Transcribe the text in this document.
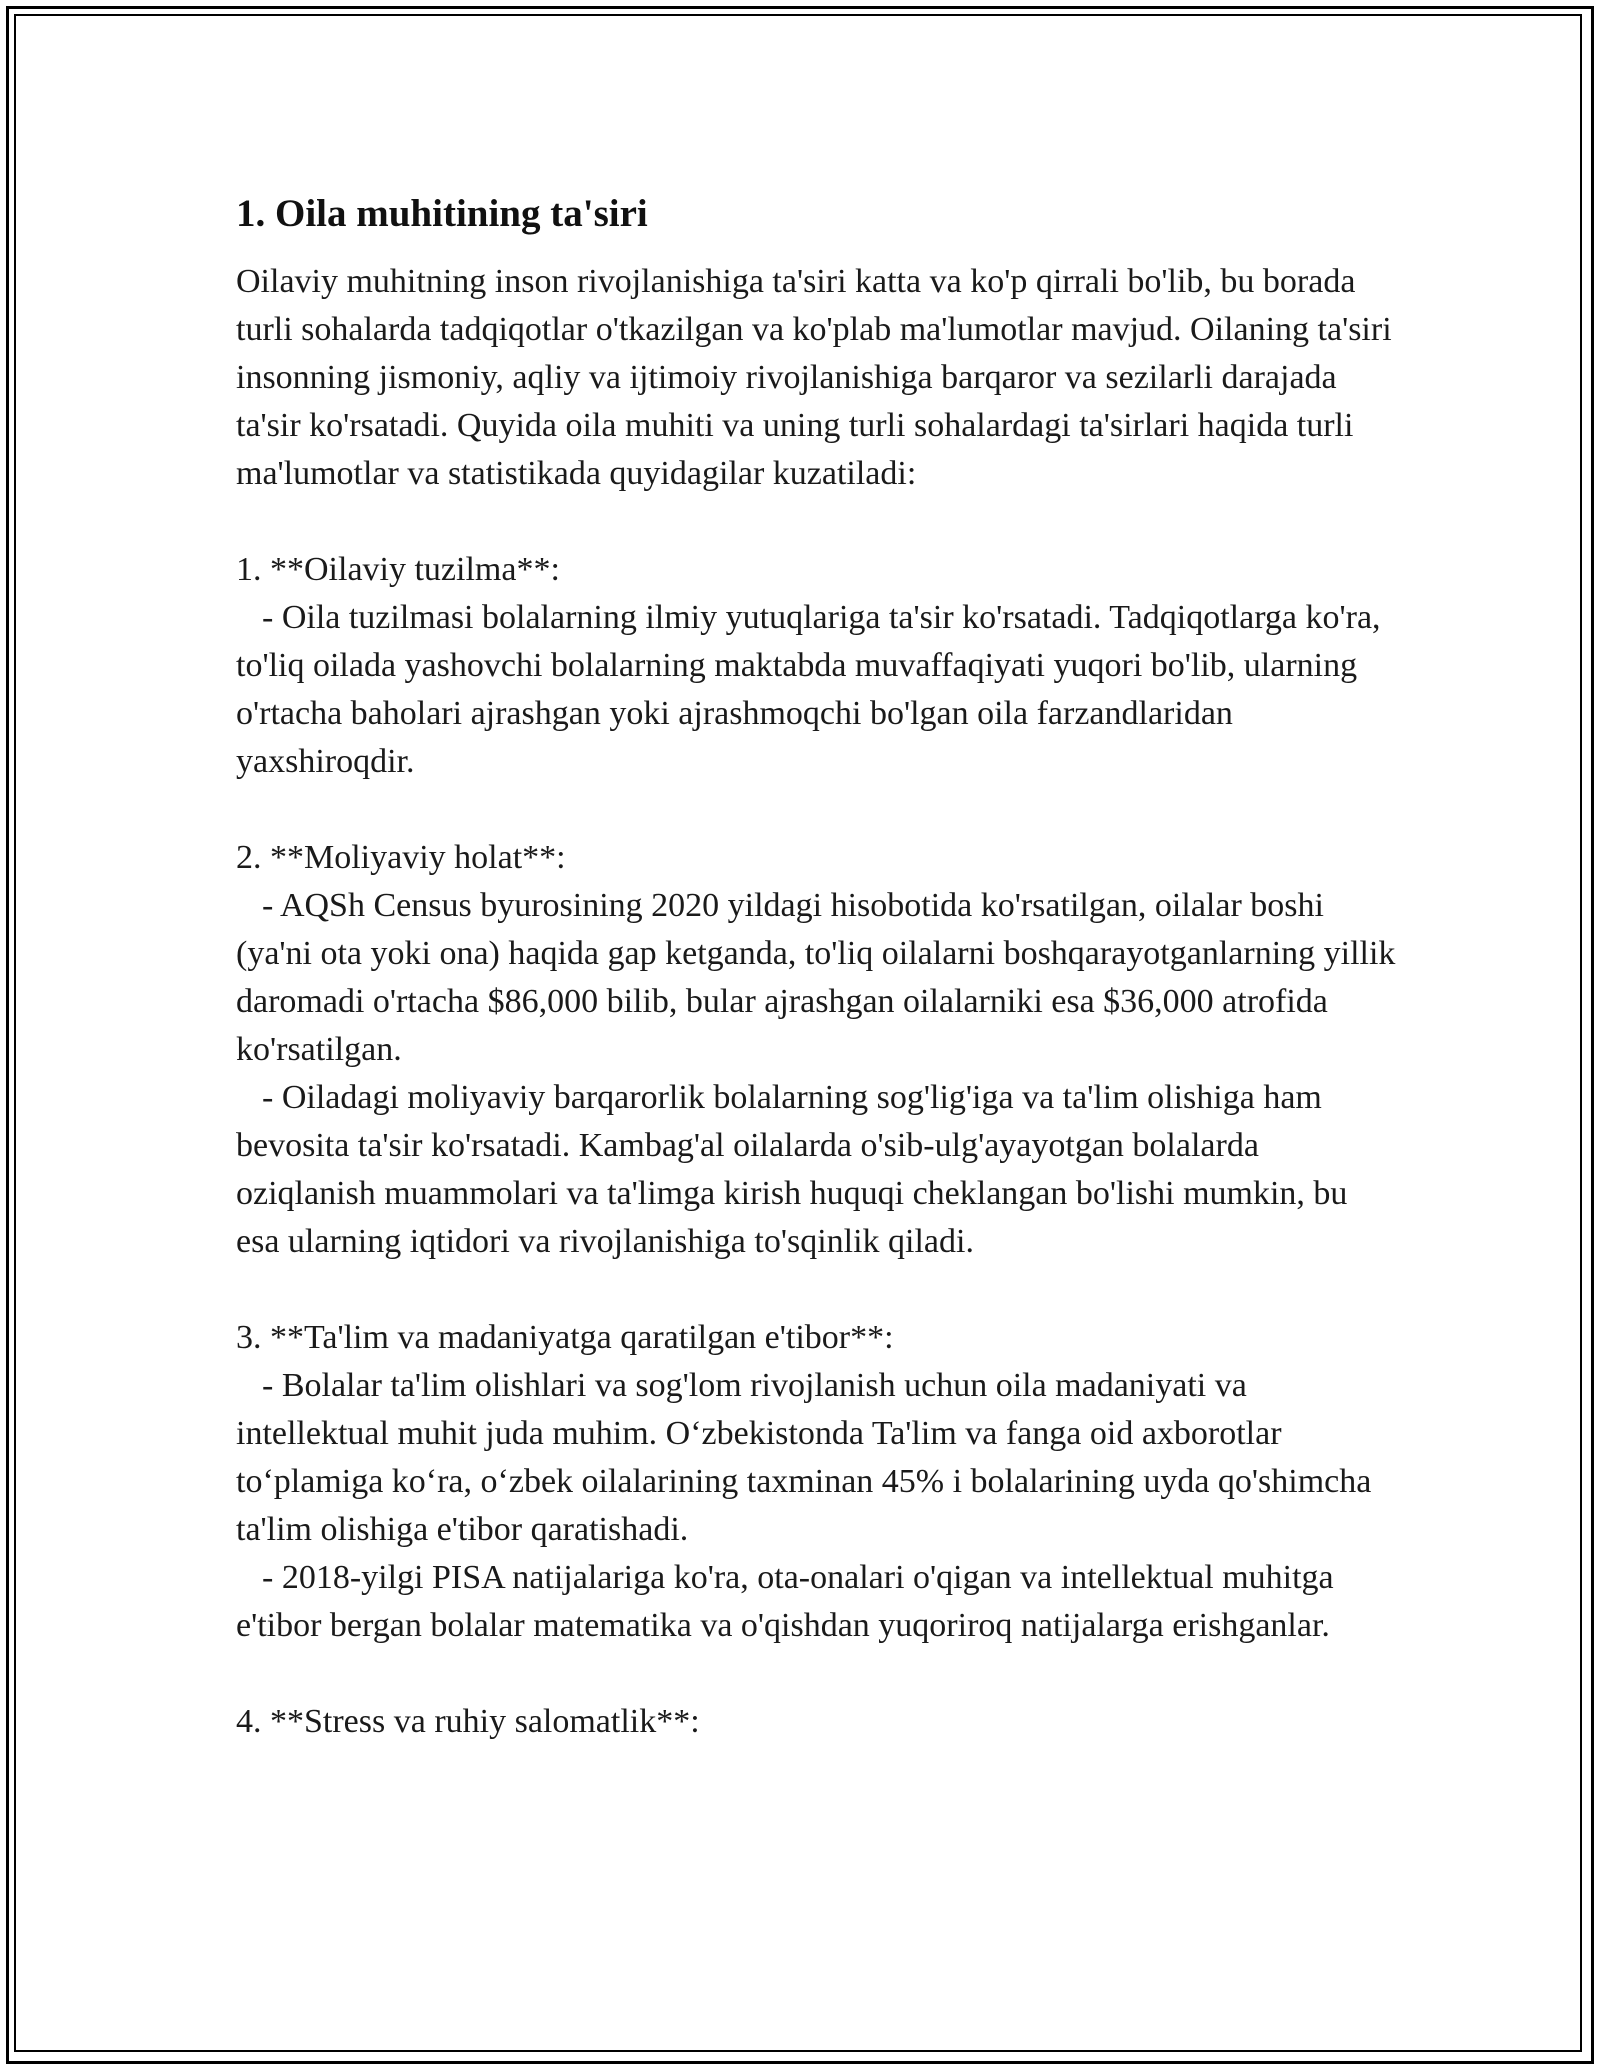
1. Oila muhitining ta'siri

Oilaviy muhitning inson rivojlanishiga ta'siri katta va ko'p qirrali bo'lib, bu borada turli sohalarda tadqiqotlar o'tkazilgan va ko'plab ma'lumotlar mavjud. Oilaning ta'siri insonning jismoniy, aqliy va ijtimoiy rivojlanishiga barqaror va sezilarli darajada ta'sir ko'rsatadi. Quyida oila muhiti va uning turli sohalardagi ta'sirlari haqida turli ma'lumotlar va statistikada quyidagilar kuzatiladi:

1. **Oilaviy tuzilma**:

- Oila tuzilmasi bolalarning ilmiy yutuqlariga ta'sir ko'rsatadi. Tadqiqotlarga ko'ra, to'liq oilada yashovchi bolalarning maktabda muvaffaqiyati yuqori bo'lib, ularning o'rtacha baholari ajrashgan yoki ajrashmoqchi bo'lgan oila farzandlaridan yaxshiroqdir.

2. **Moliyaviy holat**:

- AQSh Census byurosining 2020 yildagi hisobotida ko'rsatilgan, oilalar boshi (ya'ni ota yoki ona) haqida gap ketganda, to'liq oilalarni boshqarayotganlarning yillik daromadi o'rtacha $86,000 bilib, bular ajrashgan oilalarniki esa $36,000 atrofida ko'rsatilgan.

- Oiladagi moliyaviy barqarorlik bolalarning sog'lig'iga va ta'lim olishiga ham bevosita ta'sir ko'rsatadi. Kambag'al oilalarda o'sib-ulg'ayayotgan bolalarda oziqlanish muammolari va ta'limga kirish huquqi cheklangan bo'lishi mumkin, bu esa ularning iqtidori va rivojlanishiga to'sqinlik qiladi.

3. **Ta'lim va madaniyatga qaratilgan e'tibor**:

- Bolalar ta'lim olishlari va sog'lom rivojlanish uchun oila madaniyati va intellektual muhit juda muhim. O‘zbekistonda Ta'lim va fanga oid axborotlar to‘plamiga ko‘ra, o‘zbek oilalarining taxminan 45% i bolalarining uyda qo'shimcha ta'lim olishiga e'tibor qaratishadi.

- 2018-yilgi PISA natijalariga ko'ra, ota-onalari o'qigan va intellektual muhitga e'tibor bergan bolalar matematika va o'qishdan yuqoriroq natijalarga erishganlar.

4. **Stress va ruhiy salomatlik**:
